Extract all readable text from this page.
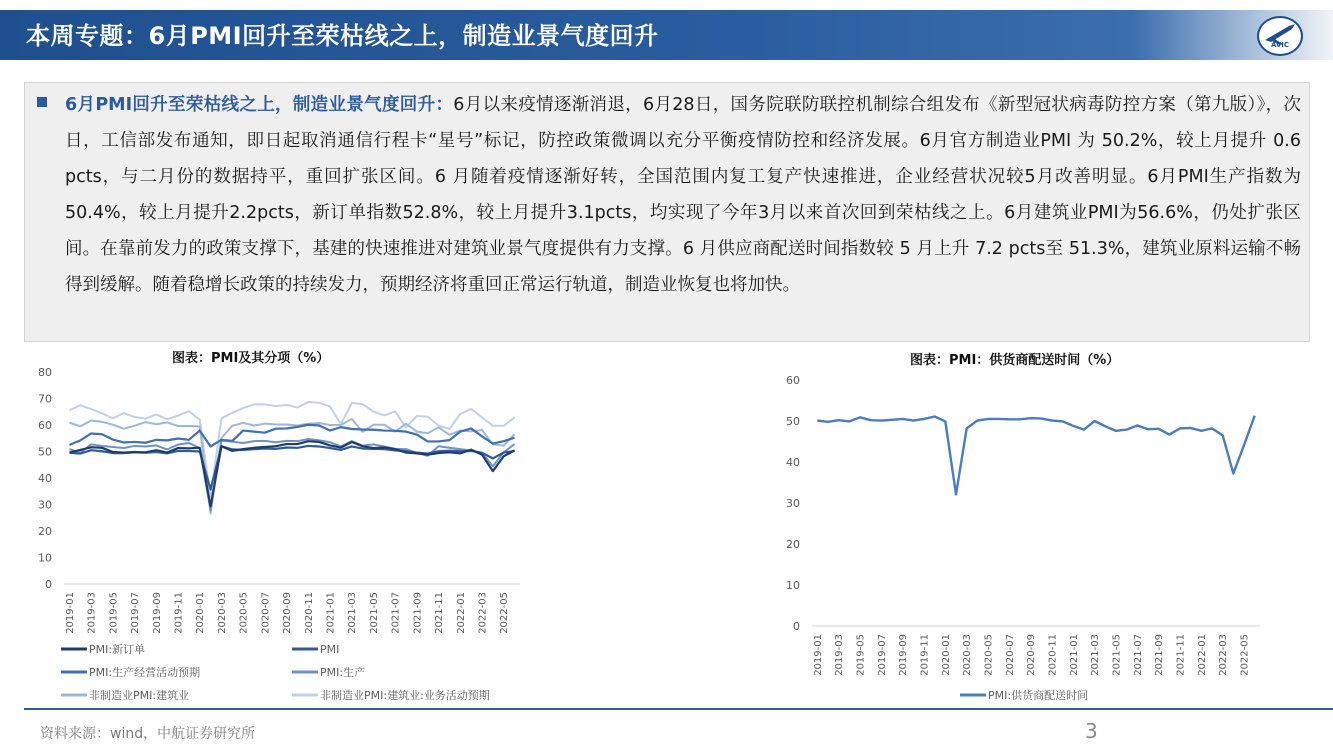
本周专题：6月PMI回升至荣枯线之上，制造业景气度回升	AVIC
6月PMI回升至荣枯线之上，制造业景气度回升：6月以来疫情逐渐消退，6月28日，国务院联防联控机制综合组发布《新型冠状病毒防控方案（第九版）》，次日，工信部发布通知，即日起取消通信行程卡“星号”标记，防控政策微调以充分平衡疫情防控和经济发展。6月官方制造业PMI 为 50.2%，较上月提升 0.6 pcts，与二月份的数据持平，重回扩张区间。6 月随着疫情逐渐好转，全国范围内复工复产快速推进，企业经营状况较5月改善明显。6月PMI生产指数为50.4%，较上月提升2.2pcts，新订单指数52.8%，较上月提升3.1pcts，均实现了今年3月以来首次回到荣枯线之上。6月建筑业PMI为56.6%，仍处扩张区间。在靠前发力的政策支撑下，基建的快速推进对建筑业景气度提供有力支撑。6 月供应商配送时间指数较 5 月上升 7.2 pcts至 51.3%，建筑业原料运输不畅得到缓解。随着稳增长政策的持续发力，预期经济将重回正常运行轨道，制造业恢复也将加快。
图表：PMI及其分项（%）	图表：PMI：供货商配送时间（%）
0
10
20
30
40
50
60
70
80
2019-01 2019-03 2019-05 2019-07 2019-09 2019-11 2020-01 2020-03 2020-05 2020-07 2020-09 2020-11 2021-01 2021-03 2021-05 2021-07 2021-09 2021-11 2022-01 2022-03 2022-05
PMI:新订单	PMI
PMI:生产经营活动预期	PMI:生产
非制造业PMI:建筑业	非制造业PMI:建筑业:业务活动预期
0
10
20
30
40
50
60
2019-01 2019-03 2019-05 2019-07 2019-09 2019-11 2020-01 2020-03 2020-05 2020-07 2020-09 2020-11 2021-01 2021-03 2021-05 2021-07 2021-09 2021-11 2022-01 2022-03 2022-05
PMI:供货商配送时间
资料来源：wind，中航证券研究所	3
